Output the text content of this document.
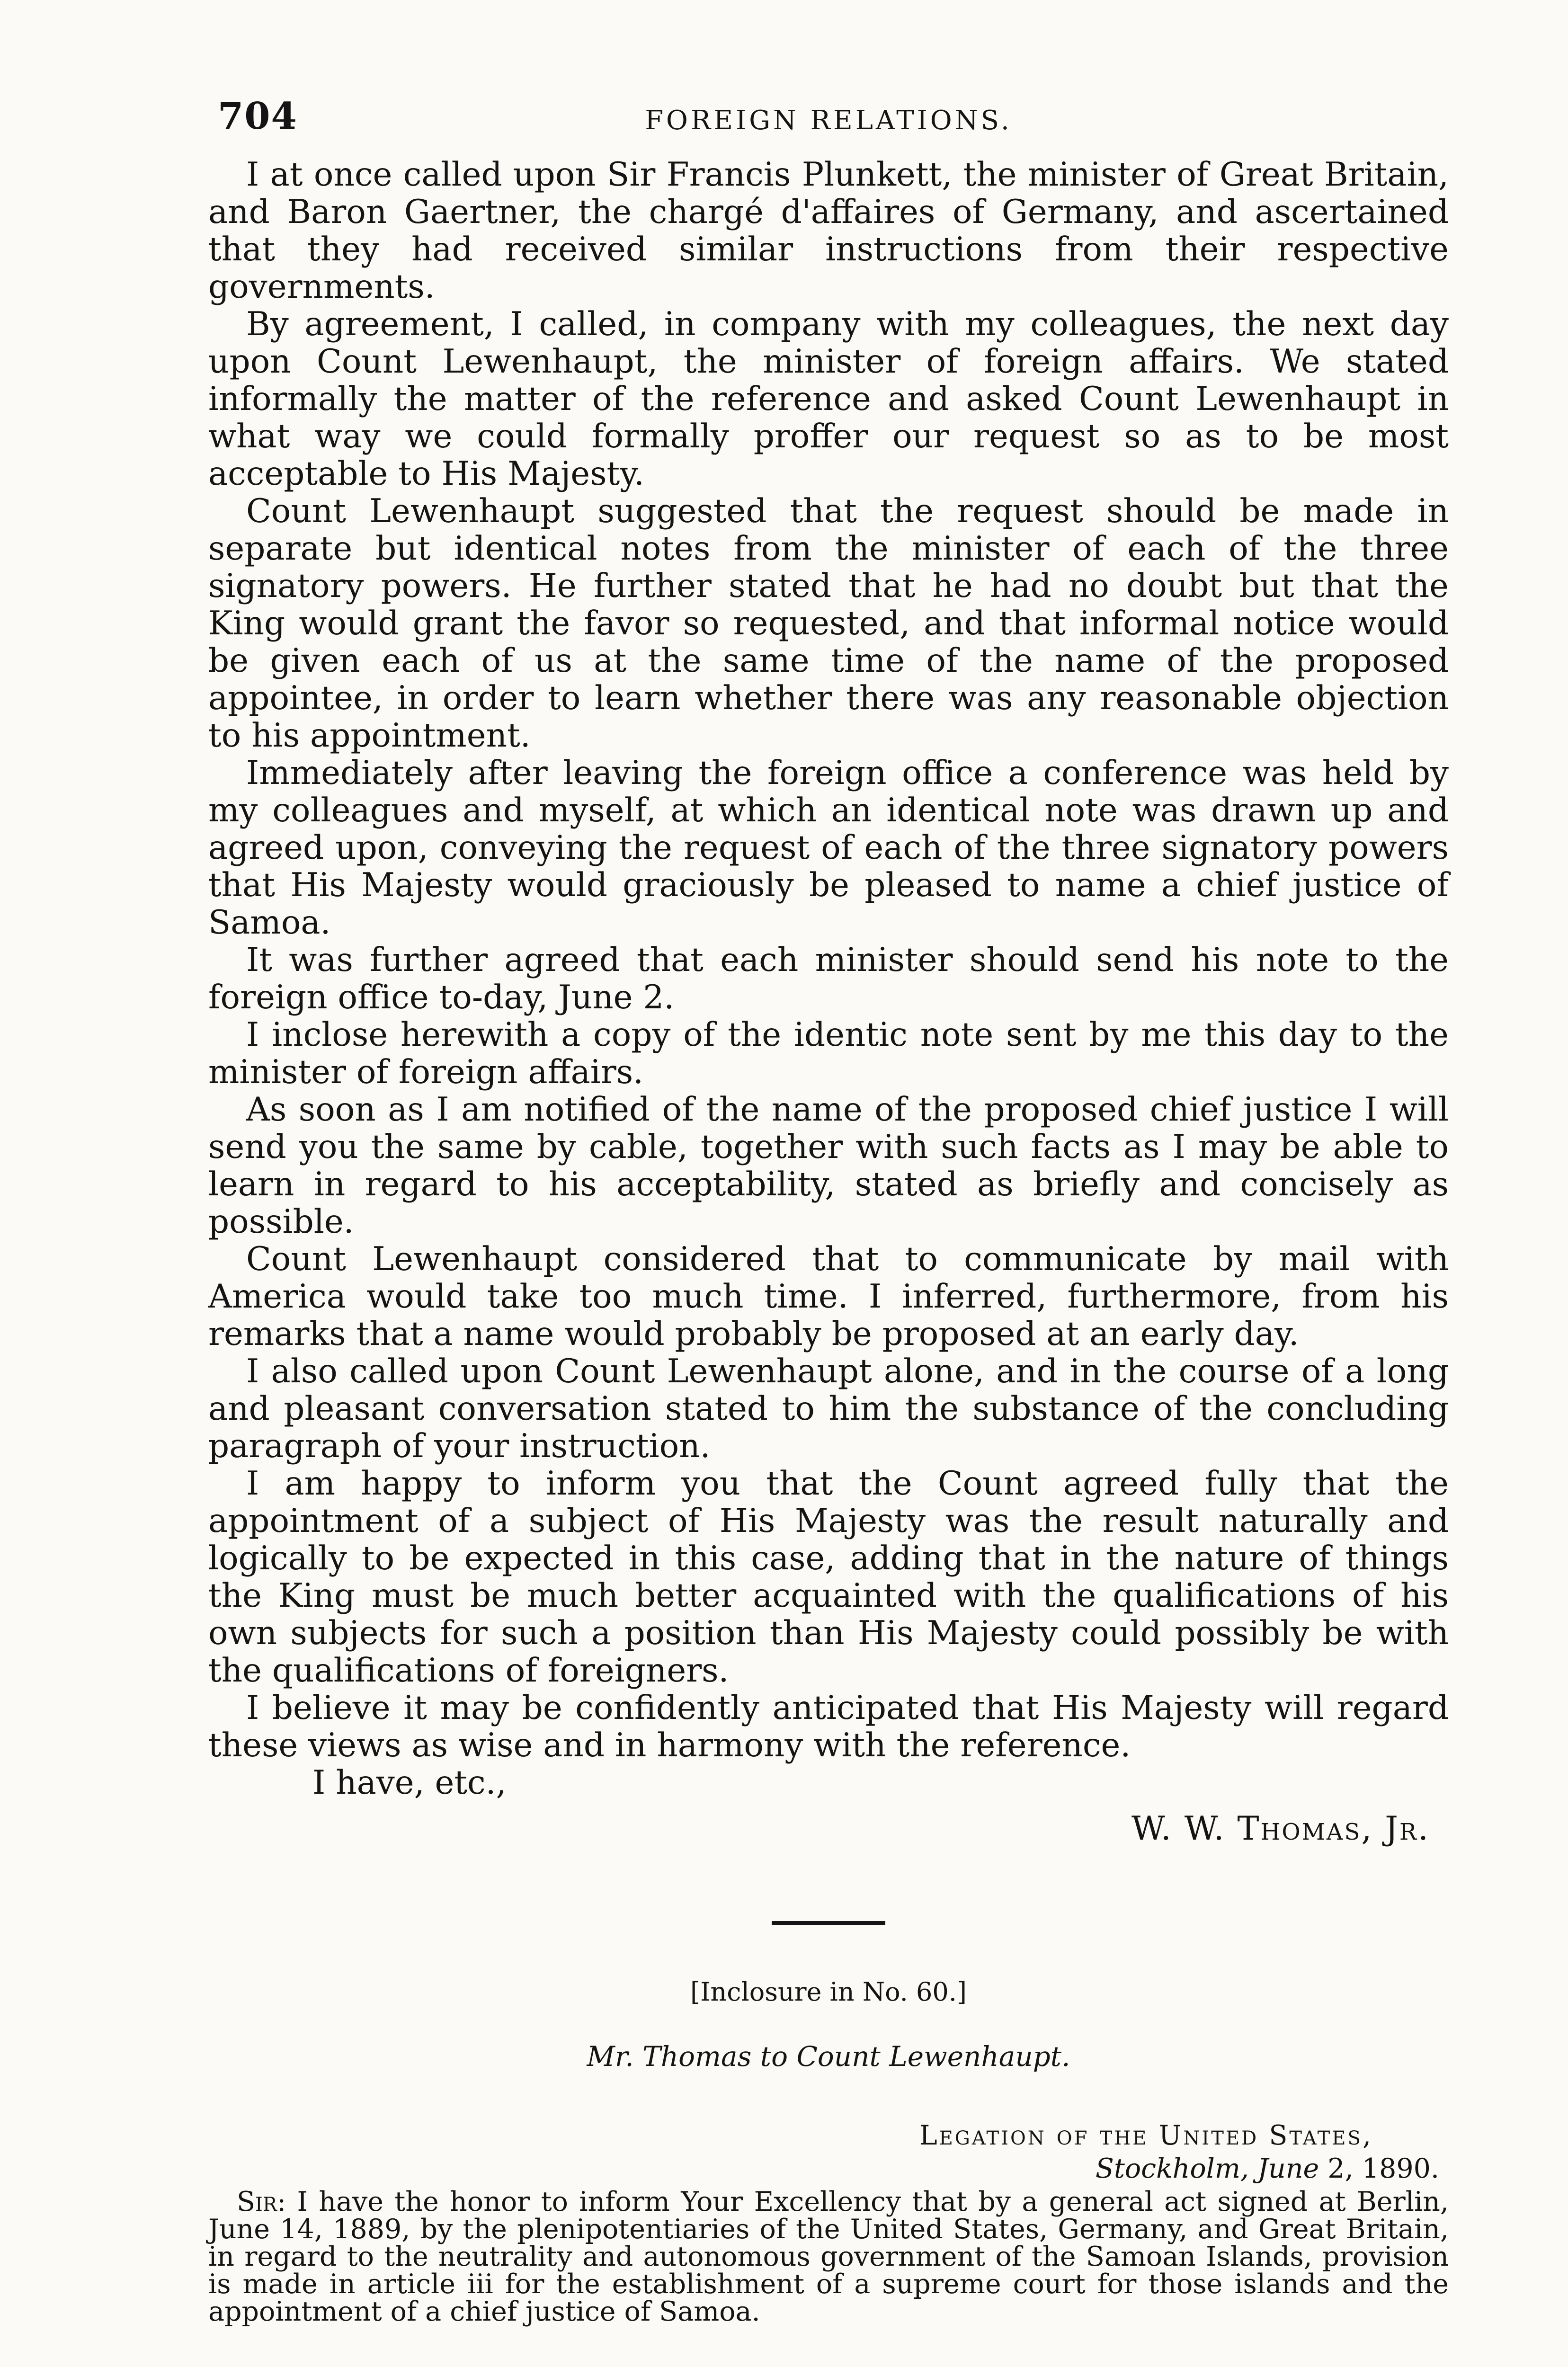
704	FOREIGN RELATIONS.

I at once called upon Sir Francis Plunkett, the minister of Great Britain, and Baron Gaertner, the chargé d'affaires of Germany, and ascertained that they had received similar instructions from their respective governments.

By agreement, I called, in company with my colleagues, the next day upon Count Lewenhaupt, the minister of foreign affairs. We stated informally the matter of the reference and asked Count Lewenhaupt in what way we could formally proffer our request so as to be most acceptable to His Majesty.

Count Lewenhaupt suggested that the request should be made in separate but identical notes from the minister of each of the three signatory powers. He further stated that he had no doubt but that the King would grant the favor so requested, and that informal notice would be given each of us at the same time of the name of the proposed appointee, in order to learn whether there was any reasonable objection to his appointment.

Immediately after leaving the foreign office a conference was held by my colleagues and myself, at which an identical note was drawn up and agreed upon, conveying the request of each of the three signatory powers that His Majesty would graciously be pleased to name a chief justice of Samoa.

It was further agreed that each minister should send his note to the foreign office to-day, June 2.

I inclose herewith a copy of the identic note sent by me this day to the minister of foreign affairs.

As soon as I am notified of the name of the proposed chief justice I will send you the same by cable, together with such facts as I may be able to learn in regard to his acceptability, stated as briefly and concisely as possible.

Count Lewenhaupt considered that to communicate by mail with America would take too much time. I inferred, furthermore, from his remarks that a name would probably be proposed at an early day.

I also called upon Count Lewenhaupt alone, and in the course of a long and pleasant conversation stated to him the substance of the concluding paragraph of your instruction.

I am happy to inform you that the Count agreed fully that the appointment of a subject of His Majesty was the result naturally and logically to be expected in this case, adding that in the nature of things the King must be much better acquainted with the qualifications of his own subjects for such a position than His Majesty could possibly be with the qualifications of foreigners.

I believe it may be confidently anticipated that His Majesty will regard these views as wise and in harmony with the reference.

I have, etc.,
W. W. Thomas, Jr.
[Inclosure in No. 60.]
Mr. Thomas to Count Lewenhaupt.
Legation of the United States,
Stockholm, June 2, 1890.

Sir: I have the honor to inform Your Excellency that by a general act signed at Berlin, June 14, 1889, by the plenipotentiaries of the United States, Germany, and Great Britain, in regard to the neutrality and autonomous government of the Samoan Islands, provision is made in article iii for the establishment of a supreme court for those islands and the appointment of a chief justice of Samoa.
